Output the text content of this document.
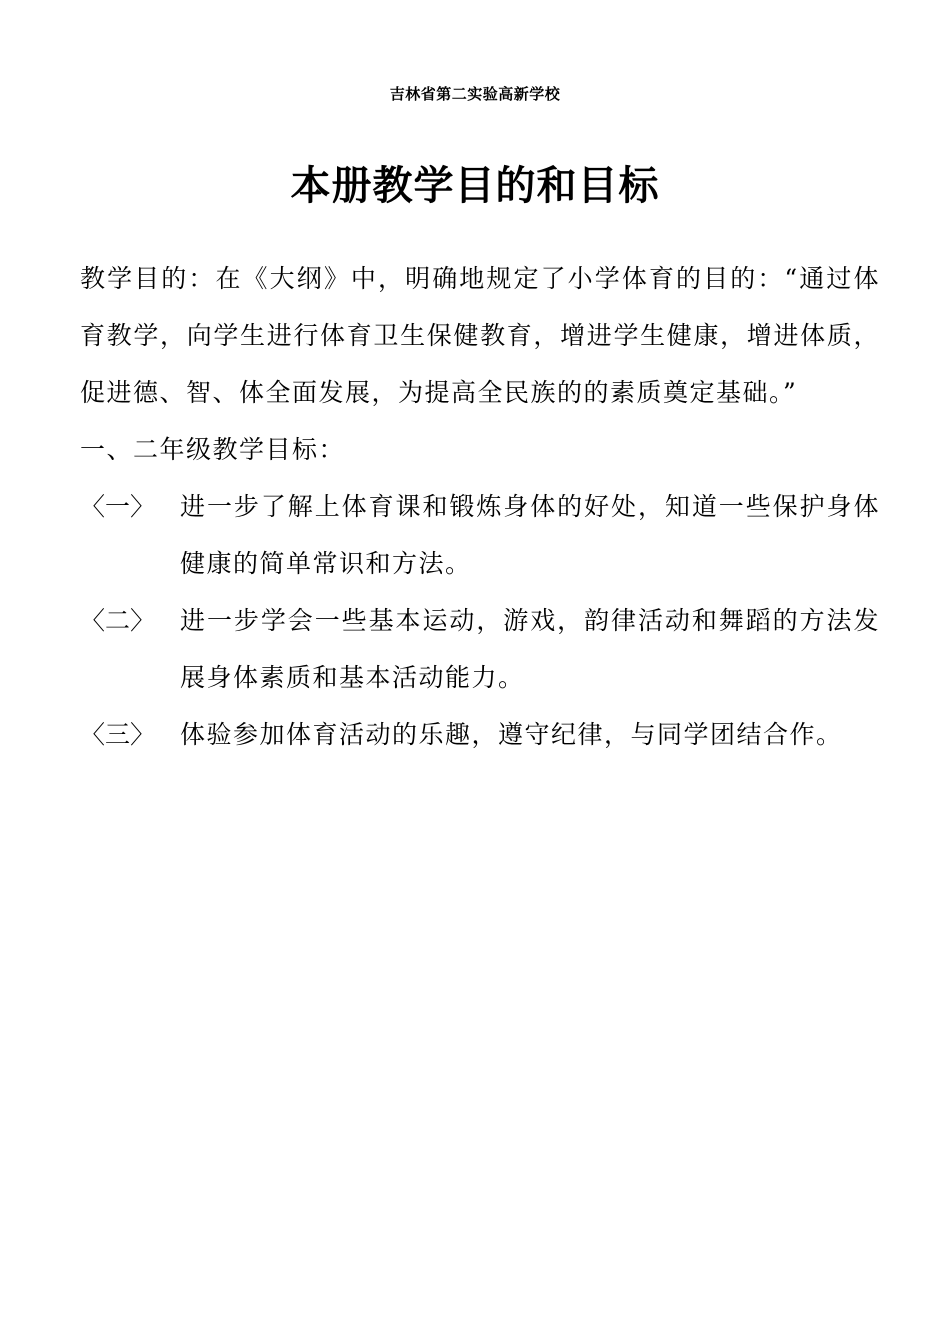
吉林省第二实验高新学校
本册教学目的和目标

教学目的：在《大纲》中，明确地规定了小学体育的目的：“通过体育教学，向学生进行体育卫生保健教育，增进学生健康，增进体质，促进德、智、体全面发展，为提高全民族的的素质奠定基础。”

一、二年级教学目标：

〈一〉 进一步了解上体育课和锻炼身体的好处，知道一些保护身体健康的简单常识和方法。
〈二〉 进一步学会一些基本运动，游戏，韵律活动和舞蹈的方法发展身体素质和基本活动能力。
〈三〉 体验参加体育活动的乐趣，遵守纪律，与同学团结合作。
